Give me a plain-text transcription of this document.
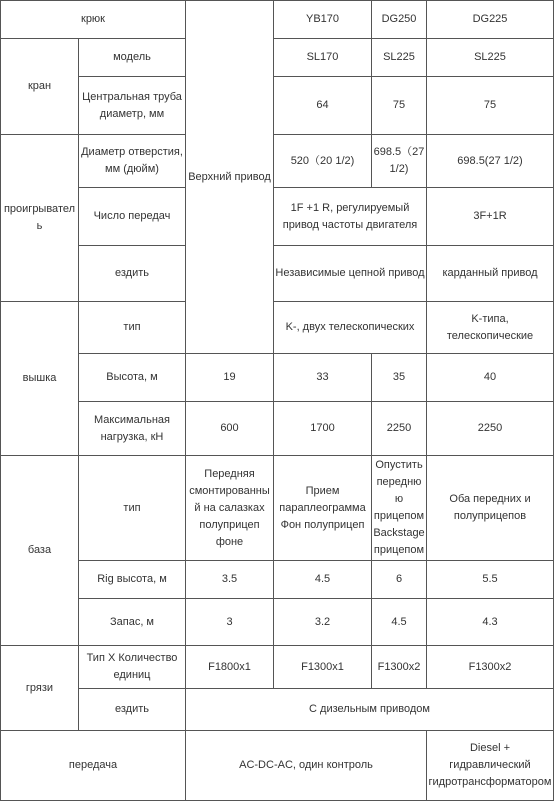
крюк		Верхний привод	YB170	DG250	DG225
кран	модель		SL170	SL225	SL225
	Центральная труба диаметр, мм		64	75	75
проигрыватель	Диаметр отверстия, мм (дюйм)		520（20 1/2)	698.5（27 1/2)	698.5(27 1/2)
	Число передач		1F +1 R, регулируемый привод частоты двигателя		3F+1R
	ездить		Независимые цепной привод		карданный привод
вышка	тип		K-, двух телескопических		K-типа, телескопические
	Высота, м	19	33	35	40
	Максимальная нагрузка, кН	600	1700	2250	2250
база	тип	Передняя смонтированный на салазках полуприцеп фоне	Прием параплеограмма Фон полуприцеп	Опустить переднюю прицепом Backstage прицепом	Оба передних и полуприцепов
	Rig высота, м	3.5	4.5	6	5.5
	Запас, м	3	3.2	4.5	4.3
грязи	Тип X Количество единиц	F1800x1	F1300x1	F1300x2	F1300x2
	ездить	С дизельным приводом			
передача		AC-DC-AC, один контроль			Diesel + гидравлический гидротрансформатором
